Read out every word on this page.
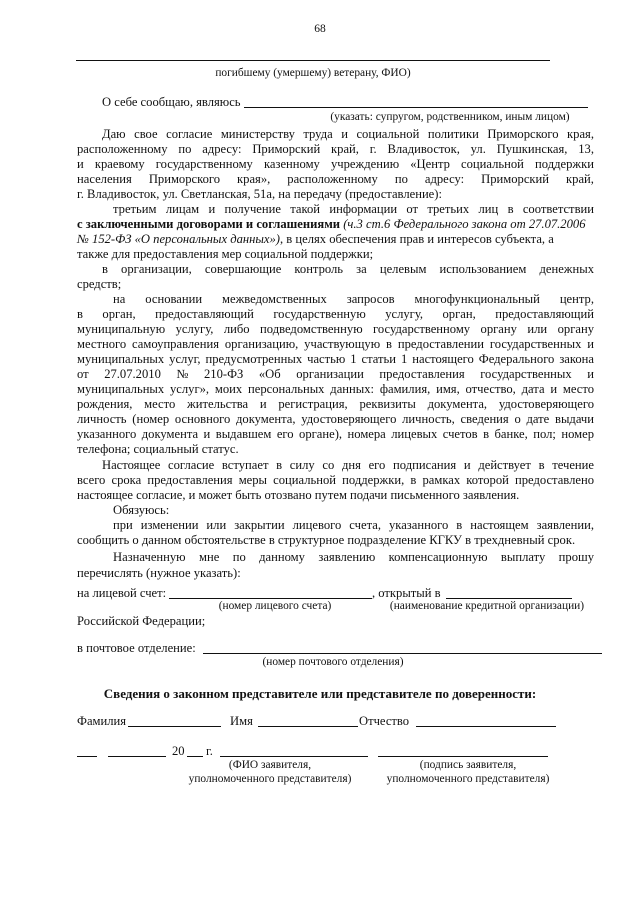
68
погибшему (умершему) ветерану, ФИО)
О себе сообщаю, являюсь
(указать: супругом, родственником, иным лицом)
Даю свое согласие министерству труда и социальной политики Приморского края,
расположенному по адресу: Приморский край, г. Владивосток, ул. Пушкинская, 13,
и краевому государственному казенному учреждению «Центр социальной поддержки
населения Приморского края», расположенному по адресу: Приморский край,
г. Владивосток, ул. Светланская, 51а, на передачу (предоставление):
третьим лицам и получение такой информации от третьих лиц в соответствии
с заключенными договорами и соглашениями (ч.3 ст.6 Федерального закона от 27.07.2006
№ 152-ФЗ «О персональных данных»), в целях обеспечения прав и интересов субъекта, а
также для предоставления мер социальной поддержки;
в организации, совершающие контроль за целевым использованием денежных
средств;
на основании межведомственных запросов многофункциональный центр,
в орган, предоставляющий государственную услугу, орган, предоставляющий
муниципальную услугу, либо подведомственную государственному органу или органу
местного самоуправления организацию, участвующую в предоставлении государственных и
муниципальных услуг, предусмотренных частью 1 статьи 1 настоящего Федерального закона
от 27.07.2010 № 210-ФЗ «Об организации предоставления государственных и
муниципальных услуг», моих персональных данных: фамилия, имя, отчество, дата и место
рождения, место жительства и регистрация, реквизиты документа, удостоверяющего
личность (номер основного документа, удостоверяющего личность, сведения о дате выдачи
указанного документа и выдавшем его органе), номера лицевых счетов в банке, пол; номер
телефона; социальный статус.
Настоящее согласие вступает в силу со дня его подписания и действует в течение
всего срока предоставления меры социальной поддержки, в рамках которой предоставлено
настоящее согласие, и может быть отозвано путем подачи письменного заявления.
Обязуюсь:
при изменении или закрытии лицевого счета, указанного в настоящем заявлении,
сообщить о данном обстоятельстве в структурное подразделение КГКУ в трехдневный срок.
Назначенную мне по данному заявлению компенсационную выплату прошу
перечислять (нужное указать):
на лицевой счет:	, открытый в
(номер лицевого счета)	(наименование кредитной организации)
Российской Федерации;
в почтовое отделение:
(номер почтового отделения)
Сведения о законном представителе или представителе по доверенности:
Фамилия	Имя	Отчество
20 г.
(ФИО заявителя,
уполномоченного представителя)
(подпись заявителя,
уполномоченного представителя)
